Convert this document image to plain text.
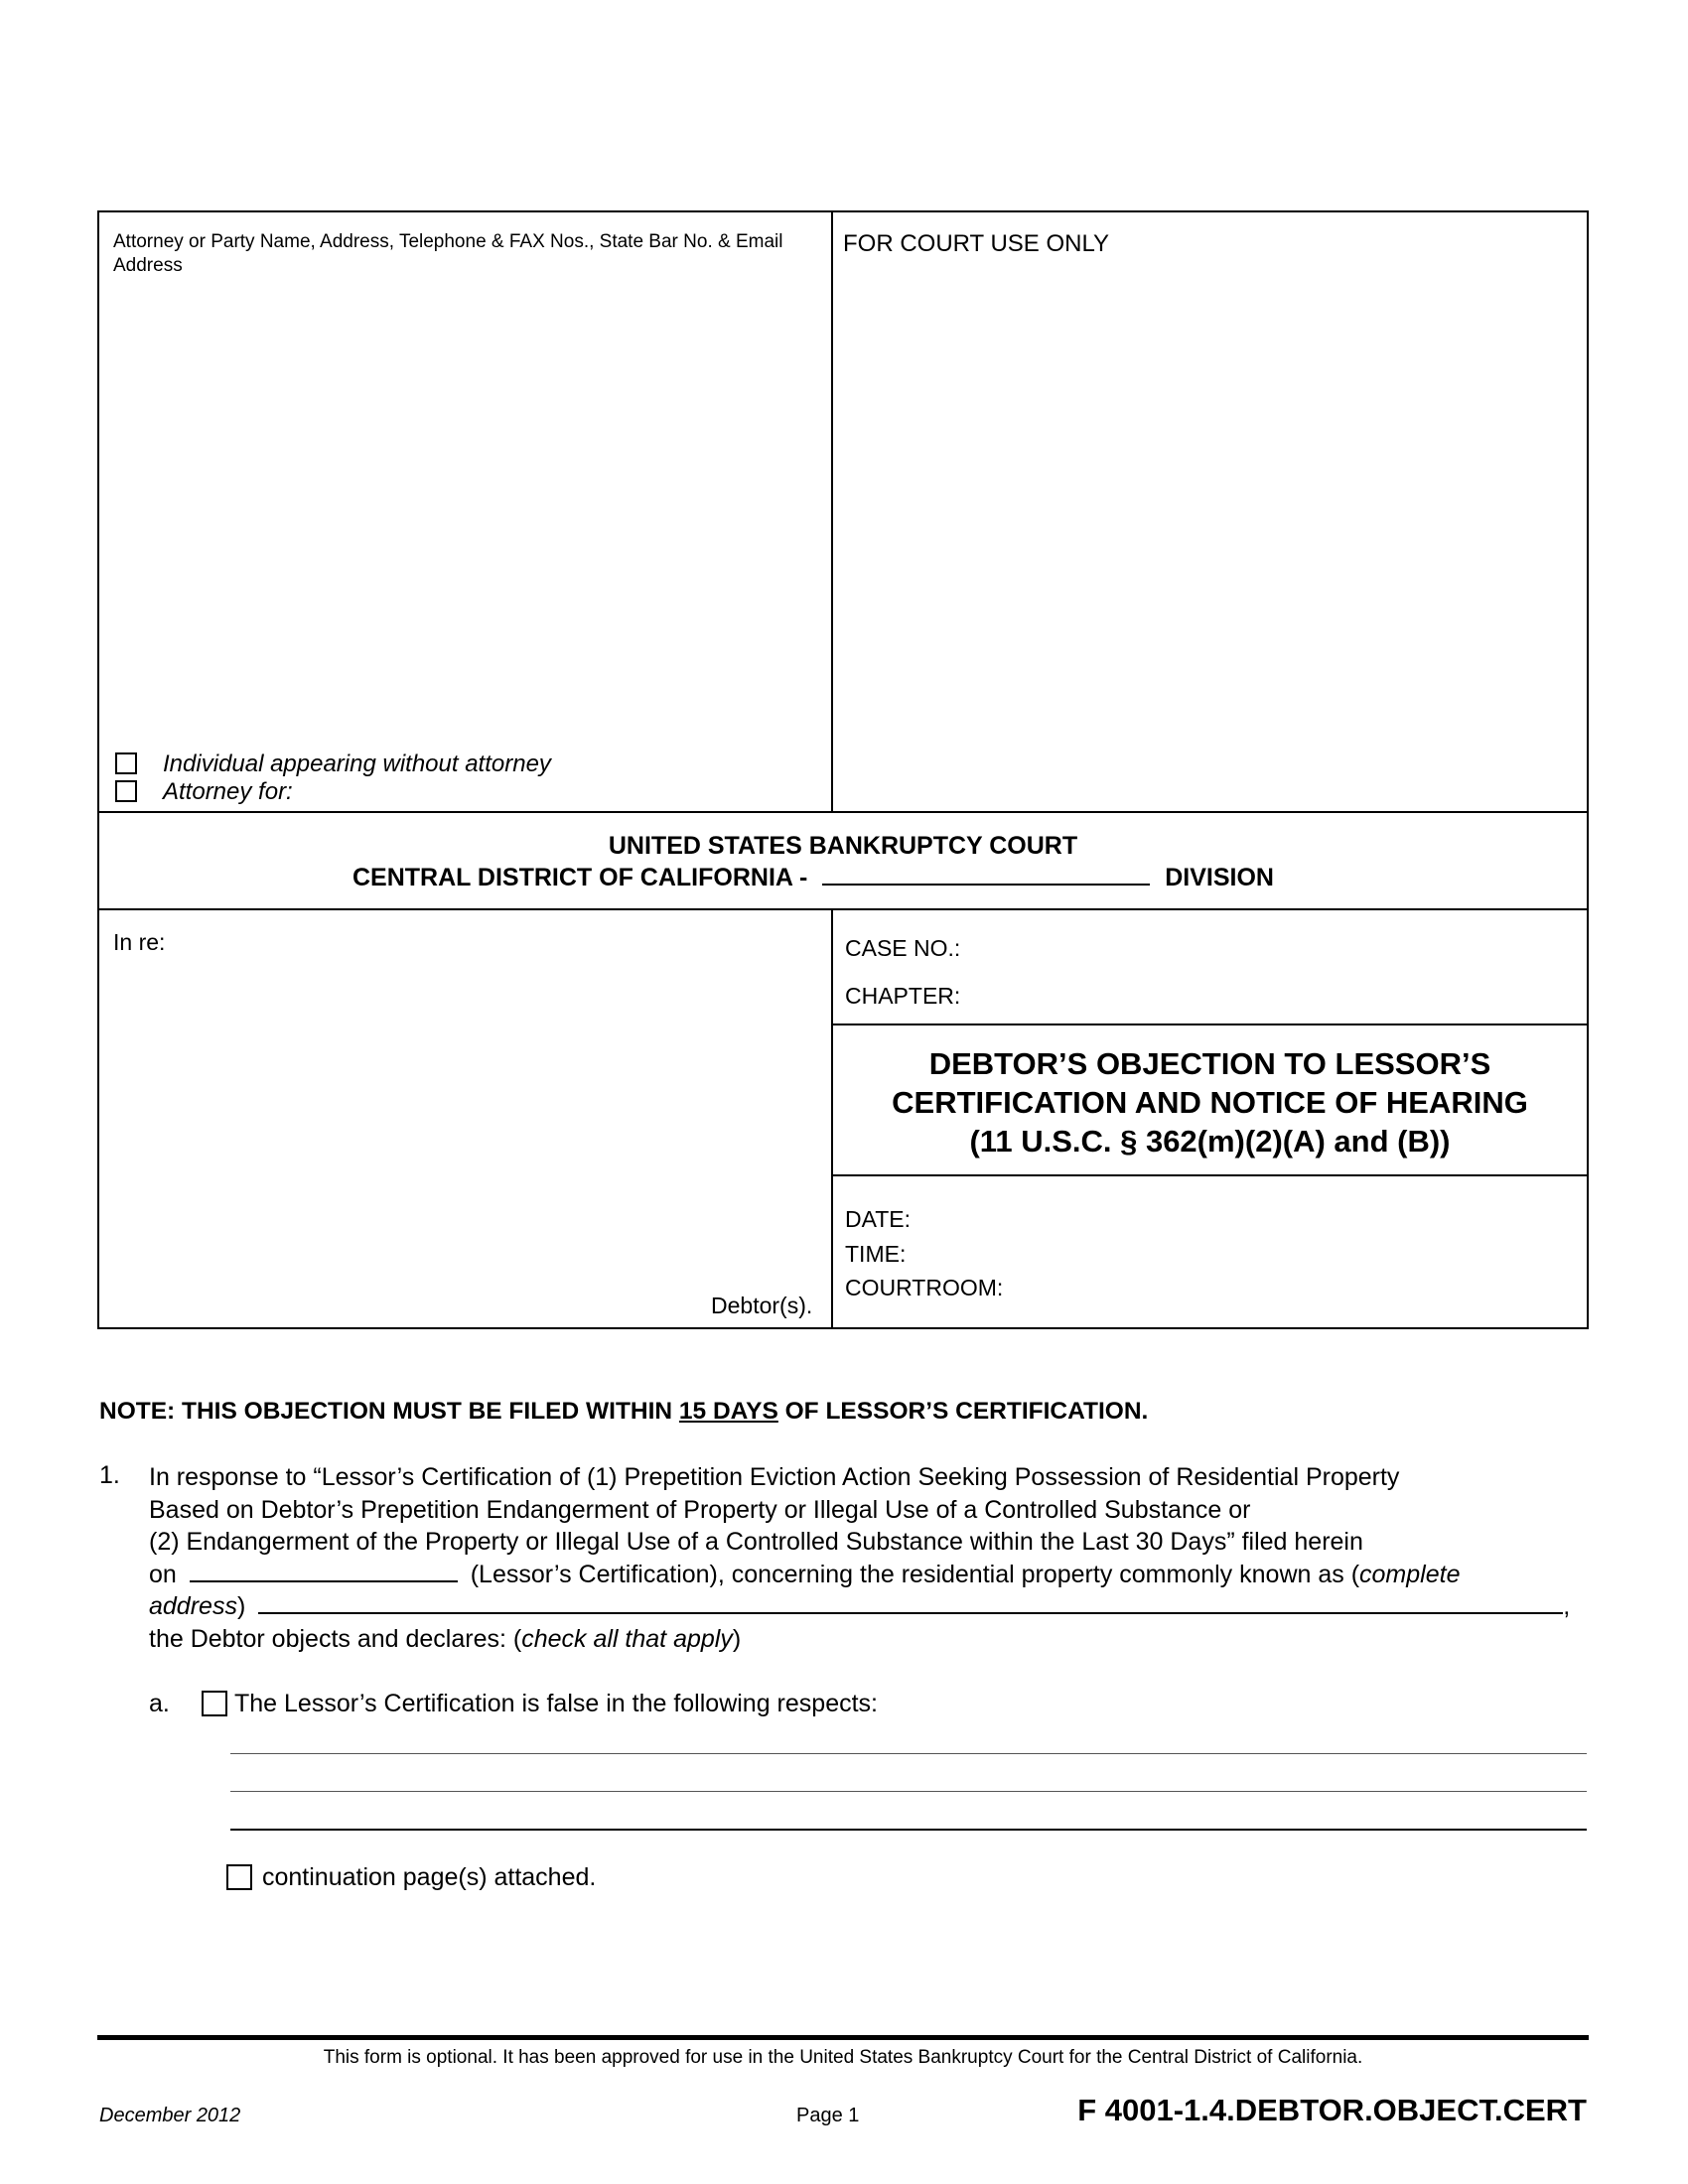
Attorney or Party Name, Address, Telephone & FAX Nos., State Bar No. & Email Address
FOR COURT USE ONLY
Individual appearing without attorney
Attorney for:
UNITED STATES BANKRUPTCY COURT
CENTRAL DISTRICT OF CALIFORNIA -	DIVISION
In re:
Debtor(s).
CASE NO.:
CHAPTER:
DEBTOR’S OBJECTION TO LESSOR’S
CERTIFICATION AND NOTICE OF HEARING
(11 U.S.C. § 362(m)(2)(A) and (B))
DATE:
TIME:
COURTROOM:
NOTE: THIS OBJECTION MUST BE FILED WITHIN 15 DAYS OF LESSOR’S CERTIFICATION.
1. In response to “Lessor’s Certification of (1) Prepetition Eviction Action Seeking Possession of Residential Property
Based on Debtor’s Prepetition Endangerment of Property or Illegal Use of a Controlled Substance or
(2) Endangerment of the Property or Illegal Use of a Controlled Substance within the Last 30 Days” filed herein
on	(Lessor’s Certification), concerning the residential property commonly known as (complete
address)	,
the Debtor objects and declares: (check all that apply)
a.	The Lessor’s Certification is false in the following respects:
continuation page(s) attached.
This form is optional. It has been approved for use in the United States Bankruptcy Court for the Central District of California.
December 2012	Page 1	F 4001-1.4.DEBTOR.OBJECT.CERT
